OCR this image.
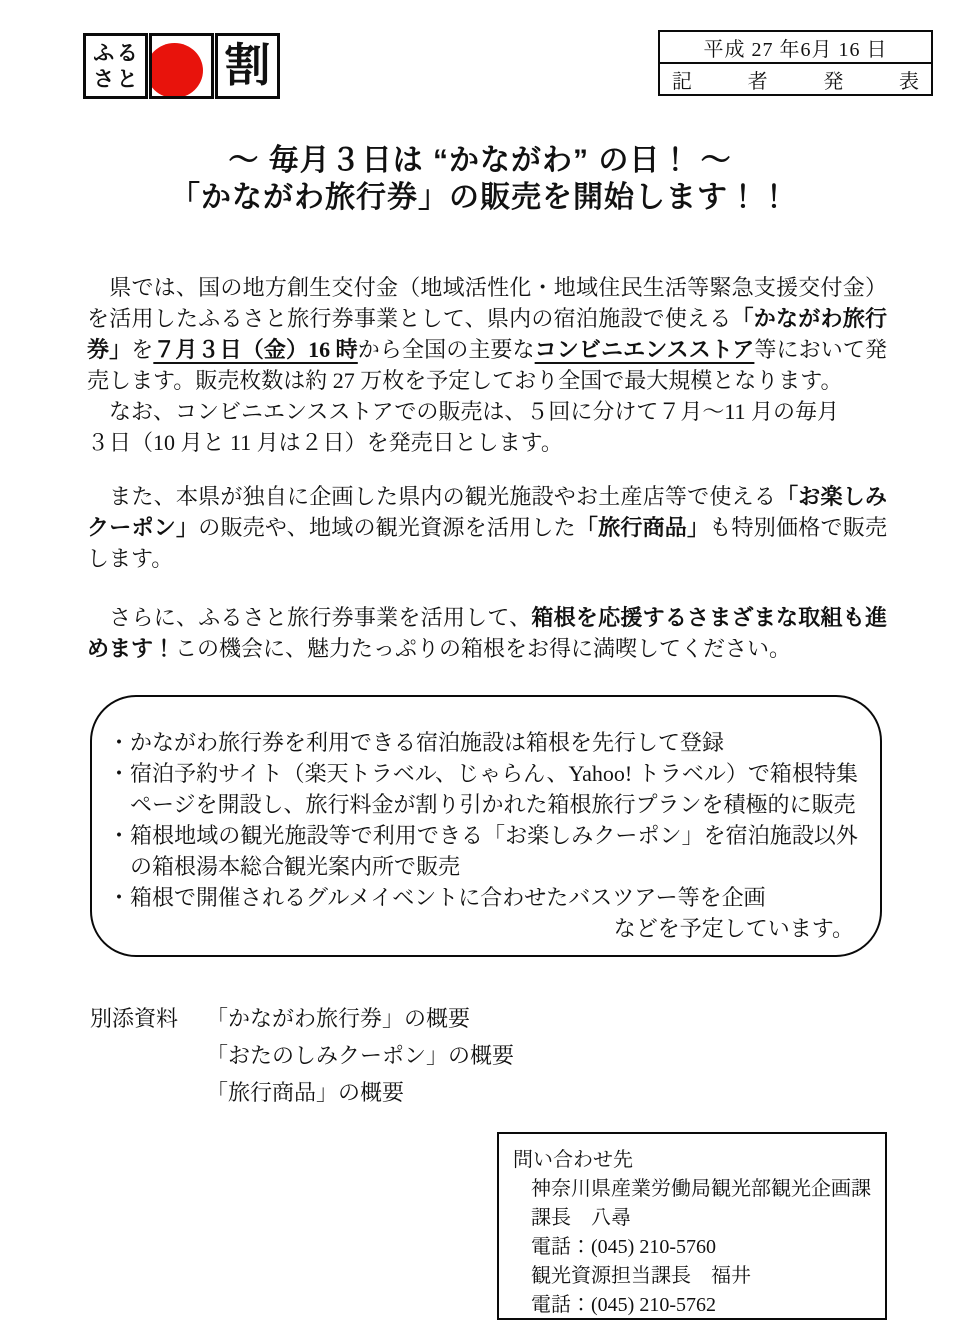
ふ る
さ と 割	平成 27 年6月 16 日
記	者	発	表
～ 毎月３日は “かながわ” の日！ ～
「かながわ旅行券」の販売を開始します！！
　県では、国の地方創生交付金（地域活性化・地域住民生活等緊急支援交付金）を活用したふるさと旅行券事業として、県内の宿泊施設で使える「かながわ旅行券」を７月３日（金）16 時から全国の主要なコンビニエンスストア等において発売します。販売枚数は約 27 万枚を予定しており全国で最大規模となります。
　なお、コンビニエンスストアでの販売は、５回に分けて７月～11 月の毎月
３日（10 月と 11 月は２日）を発売日とします。
　また、本県が独自に企画した県内の観光施設やお土産店等で使える「お楽しみクーポン」の販売や、地域の観光資源を活用した「旅行商品」も特別価格で販売します。
　さらに、ふるさと旅行券事業を活用して、箱根を応援するさまざまな取組も進めます！この機会に、魅力たっぷりの箱根をお得に満喫してください。
・かながわ旅行券を利用できる宿泊施設は箱根を先行して登録
・宿泊予約サイト（楽天トラベル、じゃらん、Yahoo! トラベル）で箱根特集ページを開設し、旅行料金が割り引かれた箱根旅行プランを積極的に販売
・箱根地域の観光施設等で利用できる「お楽しみクーポン」を宿泊施設以外の箱根湯本総合観光案内所で販売
・箱根で開催されるグルメイベントに合わせたバスツアー等を企画
などを予定しています。
別添資料 「かながわ旅行券」の概要
「おたのしみクーポン」の概要
「旅行商品」の概要
問い合わせ先
神奈川県産業労働局観光部観光企画課
課長　八尋
電話：(045) 210-5760
観光資源担当課長　福井
電話：(045) 210-5762
